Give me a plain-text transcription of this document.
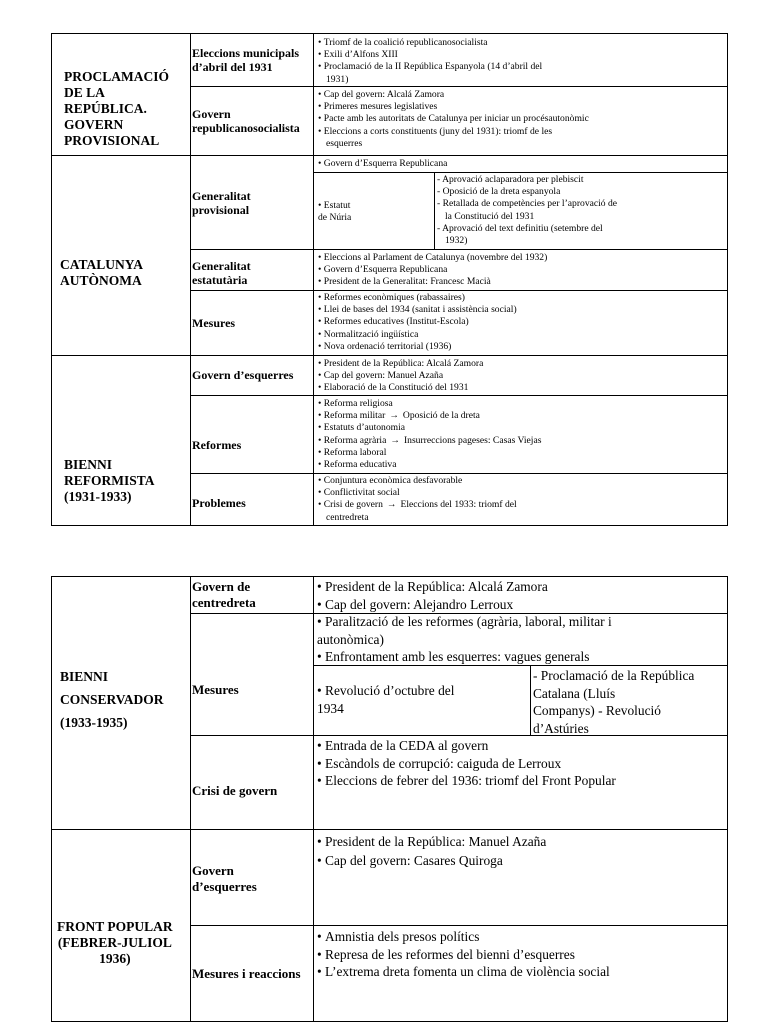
PROCLAMACIÓ
DE LA
REPÚBLICA.
GOVERN
PROVISIONAL
Eleccions municipals
d’abril del 1931
• Triomf de la coalició republicanosocialista
• Exili d’Alfons XIII
• Proclamació de la II República Espanyola (14 d’abril del
1931)
Govern
republicanosocialista
• Cap del govern: Alcalá Zamora
• Primeres mesures legislatives
• Pacte amb les autoritats de Catalunya per iniciar un procésautonòmic
• Eleccions a corts constituents (juny del 1931): triomf de les
esquerres
CATALUNYA
AUTÒNOMA
Generalitat
provisional
• Govern d’Esquerra Republicana
• Estatut
de Núria
- Aprovació aclaparadora per plebiscit
- Oposició de la dreta espanyola
- Retallada de competències per l’aprovació de
la Constitució del 1931
- Aprovació del text definitiu (setembre del
1932)
Generalitat
estatutària
• Eleccions al Parlament de Catalunya (novembre del 1932)
• Govern d’Esquerra Republicana
• President de la Generalitat: Francesc Macià
Mesures
• Reformes econòmiques (rabassaires)
• Llei de bases del 1934 (sanitat i assistència social)
• Reformes educatives (Institut-Escola)
• Normalització ingüística
• Nova ordenació territorial (1936)
BIENNI
REFORMISTA
(1931-1933)
Govern d’esquerres
• President de la República: Alcalá Zamora
• Cap del govern: Manuel Azaña
• Elaboració de la Constitució del 1931
Reformes
• Reforma religiosa
• Reforma militar → Oposició de la dreta
• Estatuts d’autonomia
• Reforma agrària → Insurreccions pageses: Casas Viejas
• Reforma laboral
• Reforma educativa
Problemes
• Conjuntura econòmica desfavorable
• Conflictivitat social
• Crisi de govern → Eleccions del 1933: triomf del
centredreta
BIENNI
CONSERVADOR
(1933-1935)
Govern de
centredreta
• President de la República: Alcalá Zamora
• Cap del govern: Alejandro Lerroux
Mesures
• Paralització de les reformes (agrària, laboral, militar i
autonòmica)
• Enfrontament amb les esquerres: vagues generals
• Revolució d’octubre del
1934
- Proclamació de la República
Catalana (Lluís
Companys) - Revolució
d’Astúries
Crisi de govern
• Entrada de la CEDA al govern
• Escàndols de corrupció: caiguda de Lerroux
• Eleccions de febrer del 1936: triomf del Front Popular
FRONT POPULAR
(FEBRER-JULIOL
1936)
Govern
d’esquerres
• President de la República: Manuel Azaña
• Cap del govern: Casares Quiroga
Mesures i reaccions
• Amnistia dels presos polítics
• Represa de les reformes del bienni d’esquerres
• L’extrema dreta fomenta un clima de violència social
